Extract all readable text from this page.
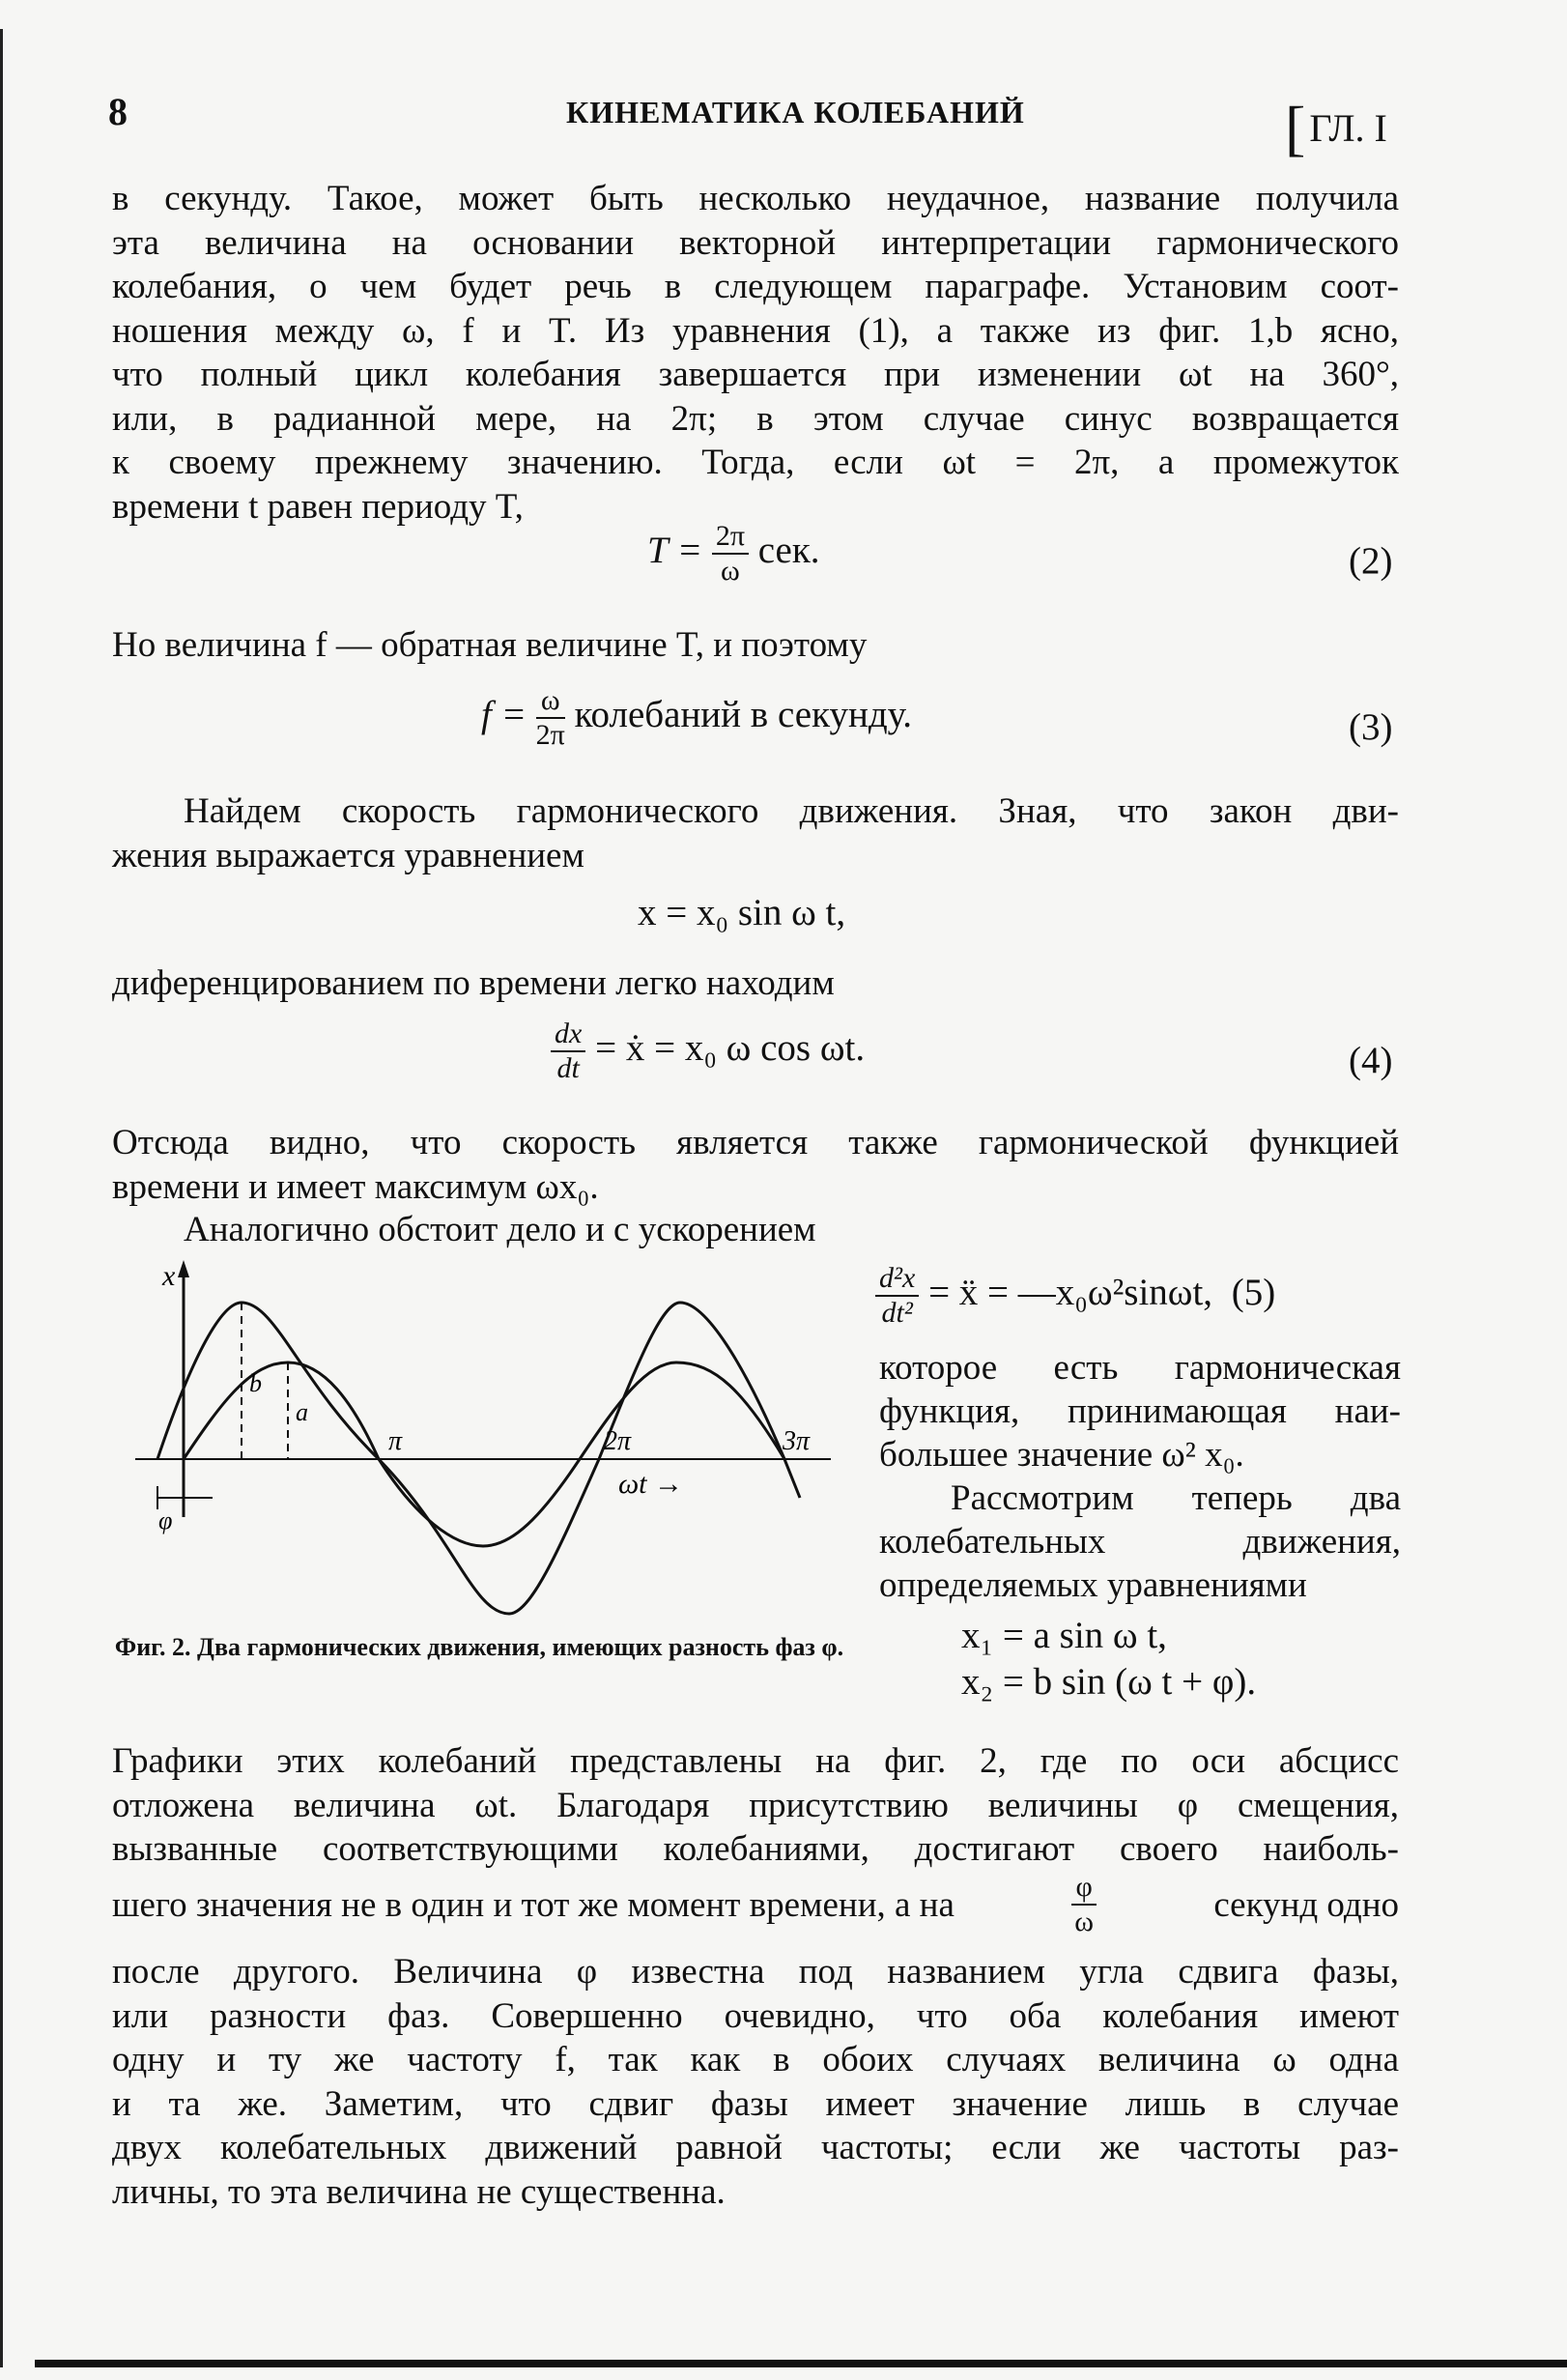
8	КИНЕМАТИКА КОЛЕБАНИЙ	[ ГЛ. I
в секунду. Такое, может быть несколько неудачное, название получила
эта величина на основании векторной интерпретации гармонического
колебания, о чем будет речь в следующем параграфе. Установим соот-
ношения между ω, f и T. Из уравнения (1), а также из фиг. 1,b ясно,
что полный цикл колебания завершается при изменении ωt на 360°,
или, в радианной мере, на 2π; в этом случае синус возвращается
к своему прежнему значению. Тогда, если ωt = 2π, а промежуток
времени t равен периоду T,
$T = \frac{2\pi}{\omega}$ сек.	(2)
Но величина f — обратная величине T, и поэтому
$f = \frac{\omega}{2\pi}$ колебаний в секунду.	(3)
Найдем скорость гармонического движения. Зная, что закон дви-
жения выражается уравнением
x = x₀ sin ω t,
диференцированием по времени легко находим
$\frac{dx}{dt}$ = ẋ = x₀ ω cos ωt.	(4)
Отсюда видно, что скорость является также гармонической функцией
времени и имеет максимум ωx₀.
Аналогично обстоит дело и с ускорением
$\frac{\text{d²x}}{\text{dt²}}$ = ẍ = —x₀ω²sinωt, (5)
которое есть гармоническая
функция, принимающая наи-
большее значение ω² x₀.
Рассмотрим теперь два
колебательных движения,
определяемых уравнениями
x₁ = a sin ω t,
x₂ = b sin (ω t + φ).
x
b
a
π	2π	3π
ωt →
φ
Фиг. 2. Два гармонических движения, имеющих разность фаз φ.
Графики этих колебаний представлены на фиг. 2, где по оси абсцисс
отложена величина ωt. Благодаря присутствию величины φ смещения,
вызванные соответствующими колебаниями, достигают своего наиболь-
шего значения не в один и тот же момент времени, а на	$\frac{\varphi}{\omega}$	секунд одно
после другого. Величина φ известна под названием угла сдвига фазы,
или разности фаз. Совершенно очевидно, что оба колебания имеют
одну и ту же частоту f, так как в обоих случаях величина ω одна
и та же. Заметим, что сдвиг фазы имеет значение лишь в случае
двух колебательных движений равной частоты; если же частоты раз-
личны, то эта величина не существенна.
